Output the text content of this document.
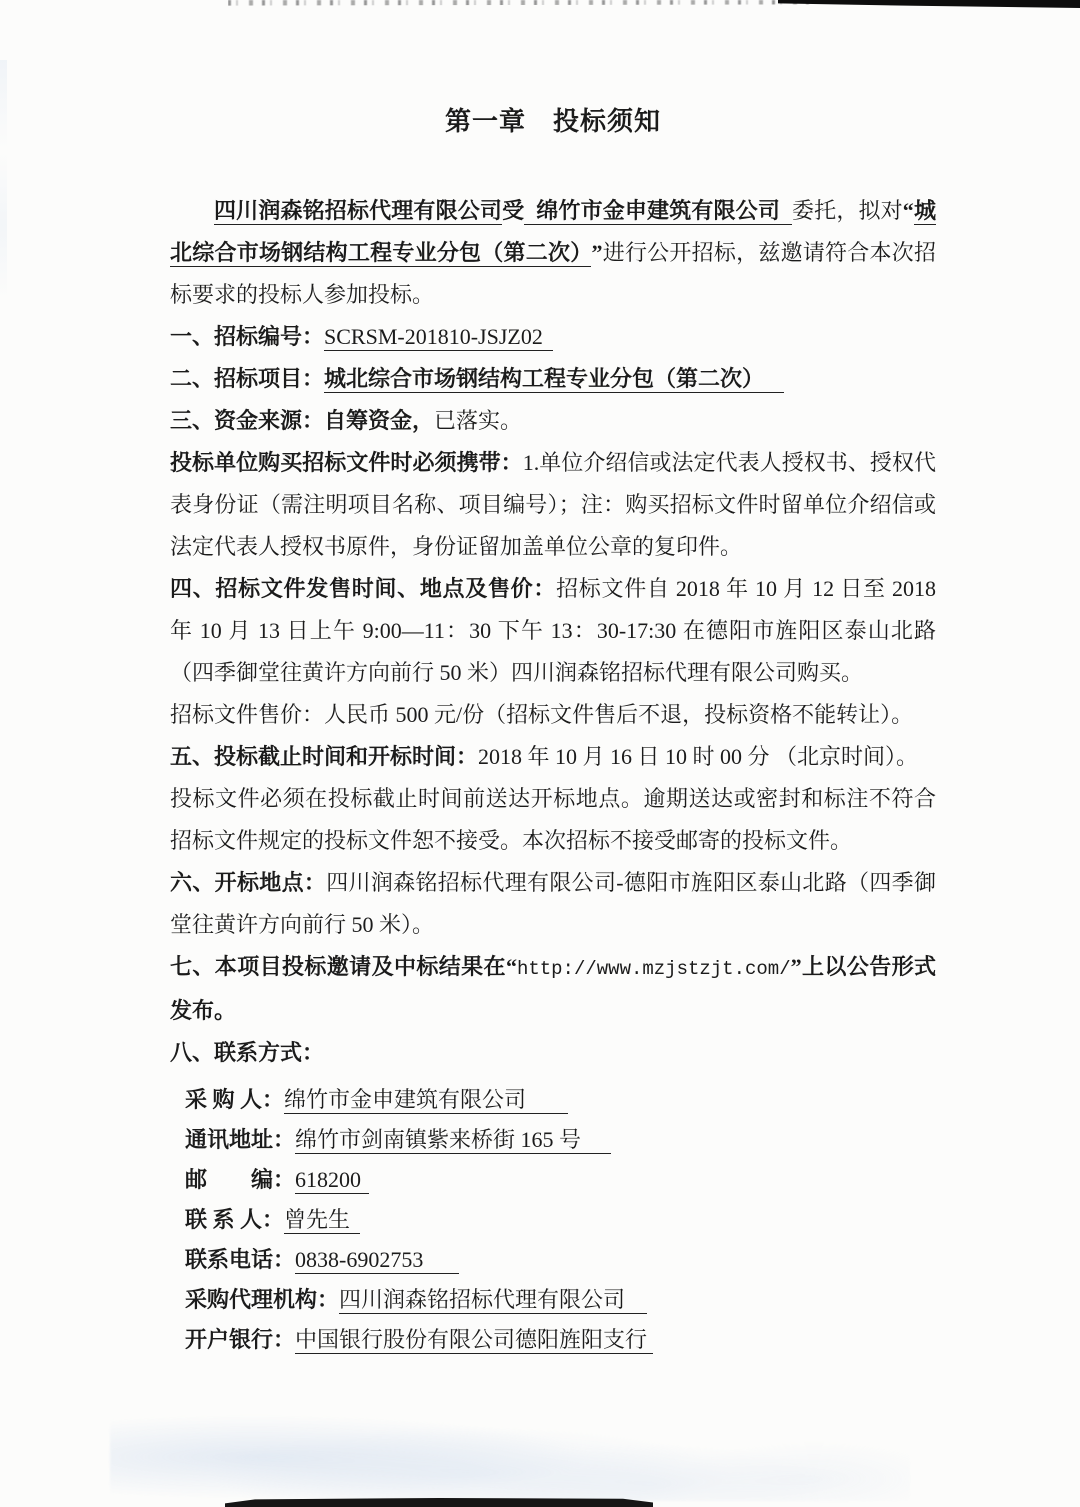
第一章　投标须知

四川润森铭招标代理有限公司受 绵竹市金申建筑有限公司 委托，拟对“城北综合市场钢结构工程专业分包（第二次） ”进行公开招标，兹邀请符合本次招标要求的投标人参加投标。

一、招标编号：SCRSM-201810-JSJZ02

二、招标项目：城北综合市场钢结构工程专业分包（第二次）

三、资金来源：自筹资金，已落实。

投标单位购买招标文件时必须携带：1.单位介绍信或法定代表人授权书、授权代表身份证（需注明项目名称、项目编号）；注：购买招标文件时留单位介绍信或法定代表人授权书原件，身份证留加盖单位公章的复印件。

四、招标文件发售时间、地点及售价：招标文件自 2018 年 10 月 12 日至 2018 年 10 月 13 日上午 9:00—11：30 下午 13：30-17:30 在德阳市旌阳区泰山北路（四季御堂往黄许方向前行 50 米）四川润森铭招标代理有限公司购买。

招标文件售价：人民币 500 元/份（招标文件售后不退，投标资格不能转让）。

五、投标截止时间和开标时间：2018 年 10 月 16 日 10 时 00 分 （北京时间）。

投标文件必须在投标截止时间前送达开标地点。逾期送达或密封和标注不符合招标文件规定的投标文件恕不接受。本次招标不接受邮寄的投标文件。

六、开标地点：四川润森铭招标代理有限公司-德阳市旌阳区泰山北路（四季御堂往黄许方向前行 50 米）。

七、本项目投标邀请及中标结果在“http://www.mzjstzjt.com/”上以公告形式发布。

八、联系方式：

采 购 人：绵竹市金申建筑有限公司

通讯地址：绵竹市剑南镇紫来桥街 165 号

邮　　编：618200

联 系 人：曾先生

联系电话：0838-6902753

采购代理机构：四川润森铭招标代理有限公司

开户银行：中国银行股份有限公司德阳旌阳支行
